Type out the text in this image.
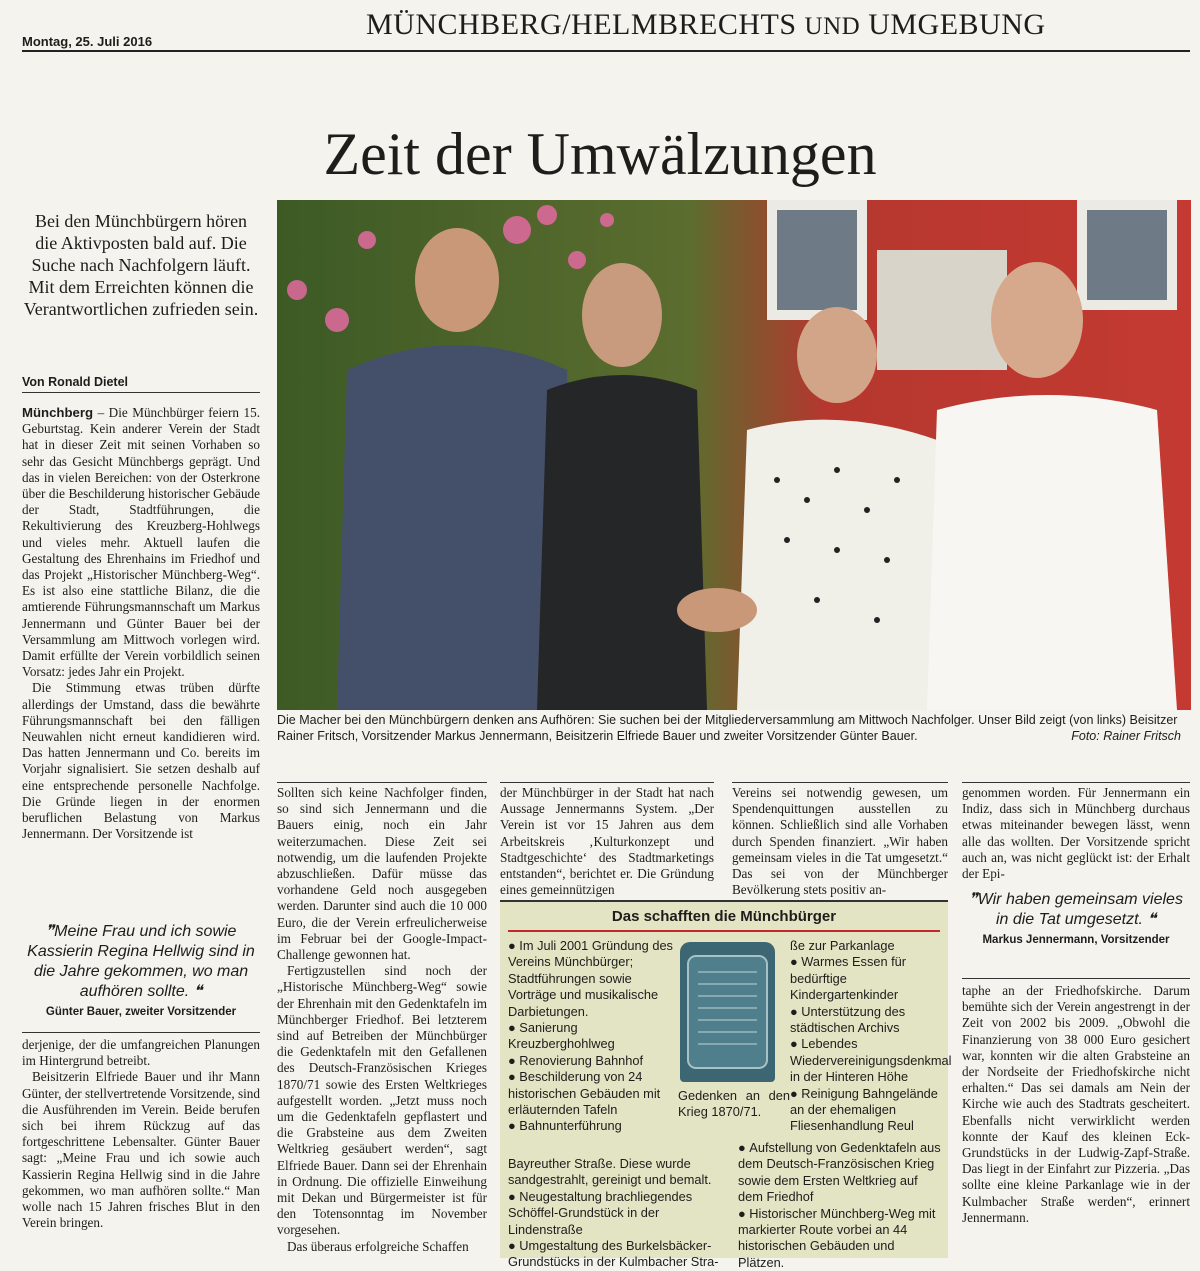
Montag, 25. Juli 2016
MÜNCHBERG/HELMBRECHTS UND UMGEBUNG
Zeit der Umwälzungen
Bei den Münchbürgern hören die Aktivposten bald auf. Die Suche nach Nachfolgern läuft. Mit dem Erreichten können die Verantwortlichen zufrieden sein.
Von Ronald Dietel

Münchberg – Die Münchbürger feiern 15. Geburtstag. Kein anderer Verein der Stadt hat in dieser Zeit mit seinen Vorhaben so sehr das Gesicht Münchbergs geprägt. Und das in vielen Bereichen: von der Osterkrone über die Beschilderung historischer Gebäude der Stadt, Stadtführungen, die Rekultivierung des Kreuzberg-Hohlwegs und vieles mehr. Aktuell laufen die Gestaltung des Ehrenhains im Friedhof und das Projekt „Historischer Münchberg-Weg“. Es ist also eine stattliche Bilanz, die die amtierende Führungsmannschaft um Markus Jennermann und Günter Bauer bei der Versammlung am Mittwoch vorlegen wird. Damit erfüllte der Verein vorbildlich seinen Vorsatz: jedes Jahr ein Projekt.

Die Stimmung etwas trüben dürfte allerdings der Umstand, dass die bewährte Führungsmannschaft bei den fälligen Neuwahlen nicht erneut kandidieren wird. Das hatten Jennermann und Co. bereits im Vorjahr signalisiert. Sie setzen deshalb auf eine entsprechende personelle Nachfolge. Die Gründe liegen in der enormen beruflichen Belastung von Markus Jennermann. Der Vorsitzende ist

❞Meine Frau und ich sowie Kassierin Regina Hellwig sind in die Jahre gekommen, wo man aufhören sollte. ❝
Günter Bauer, zweiter Vorsitzender

derjenige, der die umfangreichen Planungen im Hintergrund betreibt.

Beisitzerin Elfriede Bauer und ihr Mann Günter, der stellvertretende Vorsitzende, sind die Ausführenden im Verein. Beide berufen sich bei ihrem Rückzug auf das fortgeschrittene Lebensalter. Günter Bauer sagt: „Meine Frau und ich sowie auch Kassierin Regina Hellwig sind in die Jahre gekommen, wo man aufhören sollte.“ Man wolle nach 15 Jahren frisches Blut in den Verein bringen.

Die Macher bei den Münchbürgern denken ans Aufhören: Sie suchen bei der Mitgliederversammlung am Mittwoch Nachfolger. Unser Bild zeigt (von links) Beisitzer Rainer Fritsch, Vorsitzender Markus Jennermann, Beisitzerin Elfriede Bauer und zweiter Vorsitzender Günter Bauer.	Foto: Rainer Fritsch

Sollten sich keine Nachfolger finden, so sind sich Jennermann und die Bauers einig, noch ein Jahr weiterzumachen. Diese Zeit sei notwendig, um die laufenden Projekte abzuschließen. Dafür müsse das vorhandene Geld noch ausgegeben werden. Darunter sind auch die 10 000 Euro, die der Verein erfreulicherweise im Februar bei der Google-Impact-Challenge gewonnen hat.

Fertigzustellen sind noch der „Historische Münchberg-Weg“ sowie der Ehrenhain mit den Gedenktafeln im Münchberger Friedhof. Bei letzterem sind auf Betreiben der Münchbürger die Gedenktafeln mit den Gefallenen des Deutsch-Französischen Krieges 1870/71 sowie des Ersten Weltkrieges aufgestellt worden. „Jetzt muss noch um die Gedenktafeln gepflastert und die Grabsteine aus dem Zweiten Weltkrieg gesäubert werden“, sagt Elfriede Bauer. Dann sei der Ehrenhain in Ordnung. Die offizielle Einweihung mit Dekan und Bürgermeister ist für den Totensonntag im November vorgesehen.

Das überaus erfolgreiche Schaffen

der Münchbürger in der Stadt hat nach Aussage Jennermanns System. „Der Verein ist vor 15 Jahren aus dem Arbeitskreis ‚Kulturkonzept und Stadtgeschichte‘ des Stadtmarketings entstanden“, berichtet er. Die Gründung eines gemeinnützigen

Vereins sei notwendig gewesen, um Spendenquittungen ausstellen zu können. Schließlich sind alle Vorhaben durch Spenden finanziert. „Wir haben gemeinsam vieles in die Tat umgesetzt.“ Das sei von der Münchberger Bevölkerung stets positiv an-

genommen worden. Für Jennermann ein Indiz, dass sich in Münchberg durchaus etwas miteinander bewegen lässt, wenn alle das wollten. Der Vorsitzende spricht auch an, was nicht geglückt ist: der Erhalt der Epi-

❞Wir haben gemeinsam vieles in die Tat umgesetzt. ❝
Markus Jennermann, Vorsitzender

taphe an der Friedhofskirche. Darum bemühte sich der Verein angestrengt in der Zeit von 2002 bis 2009. „Obwohl die Finanzierung von 38 000 Euro gesichert war, konnten wir die alten Grabsteine an der Nordseite der Friedhofskirche nicht erhalten.“ Das sei damals am Nein der Kirche wie auch des Stadtrats gescheitert. Ebenfalls nicht verwirklicht werden konnte der Kauf des kleinen Eck-Grundstücks in der Ludwig-Zapf-Straße. Das liegt in der Einfahrt zur Pizzeria. „Das sollte eine kleine Parkanlage wie in der Kulmbacher Straße werden“, erinnert Jennermann.

Das schafften die Münchbürger
● Im Juli 2001 Gründung des Vereins Münchbürger; Stadtführungen sowie Vorträge und musikalische Darbietungen.
● Sanierung Kreuzberghohlweg
● Renovierung Bahnhof
● Beschilderung von 24 historischen Gebäuden mit erläuternden Tafeln
● Bahnunterführung
Gedenken an den Krieg 1870/71.
Bayreuther Straße. Diese wurde sandgestrahlt, gereinigt und bemalt.
● Neugestaltung brachliegendes Schöffel-Grundstück in der Lindenstraße
● Umgestaltung des Burkelsbäcker-Grundstücks in der Kulmbacher Stra-
ße zur Parkanlage
● Warmes Essen für bedürftige Kindergartenkinder
● Unterstützung des städtischen Archivs
● Lebendes Wiedervereinigungsdenkmal in der Hinteren Höhe
● Reinigung Bahngelände an der ehemaligen Fliesenhandlung Reul
● Aufstellung von Gedenktafeln aus dem Deutsch-Französischen Krieg sowie dem Ersten Weltkrieg auf dem Friedhof
● Historischer Münchberg-Weg mit markierter Route vorbei an 44 historischen Gebäuden und Plätzen.
